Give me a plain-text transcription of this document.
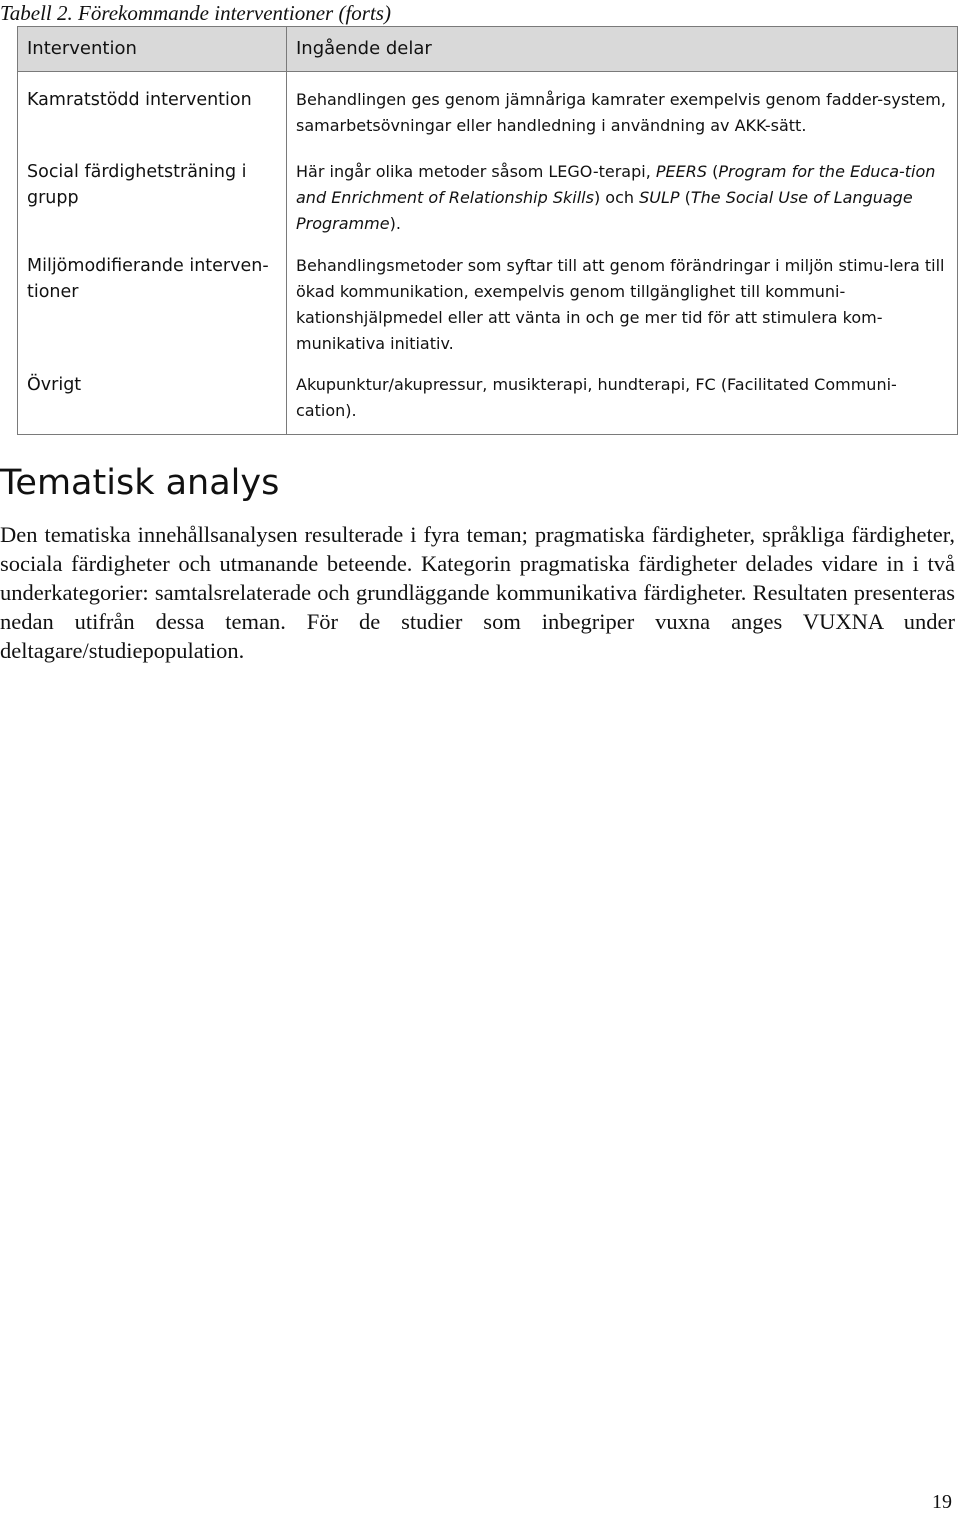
Tabell 2. Förekommande interventioner (forts)
Intervention	Ingående delar
Kamratstödd intervention	Behandlingen ges genom jämnåriga kamrater exempelvis genom fadder-system, samarbetsövningar eller handledning i användning av AKK-sätt.
Social färdighetsträning i grupp	Här ingår olika metoder såsom LEGO-terapi, PEERS (Program for the Educa-tion and Enrichment of Relationship Skills) och SULP (The Social Use of Language Programme).
Miljömodifierande interven-tioner	Behandlingsmetoder som syftar till att genom förändringar i miljön stimu-lera till ökad kommunikation, exempelvis genom tillgänglighet till kommuni-kationshjälpmedel eller att vänta in och ge mer tid för att stimulera kom-munikativa initiativ.
Övrigt	Akupunktur/akupressur, musikterapi, hundterapi, FC (Facilitated Communi-cation).
Tematisk analys

Den tematiska innehållsanalysen resulterade i fyra teman; pragmatiska färdigheter, språkliga färdigheter, sociala färdigheter och utmanande beteende. Kategorin pragmatiska färdigheter delades vidare in i två underkategorier: samtalsrelaterade och grundläggande kommunikativa färdigheter. Resultaten presenteras nedan utifrån dessa teman. För de studier som inbegriper vuxna anges VUXNA under deltagare/studiepopulation.

19
